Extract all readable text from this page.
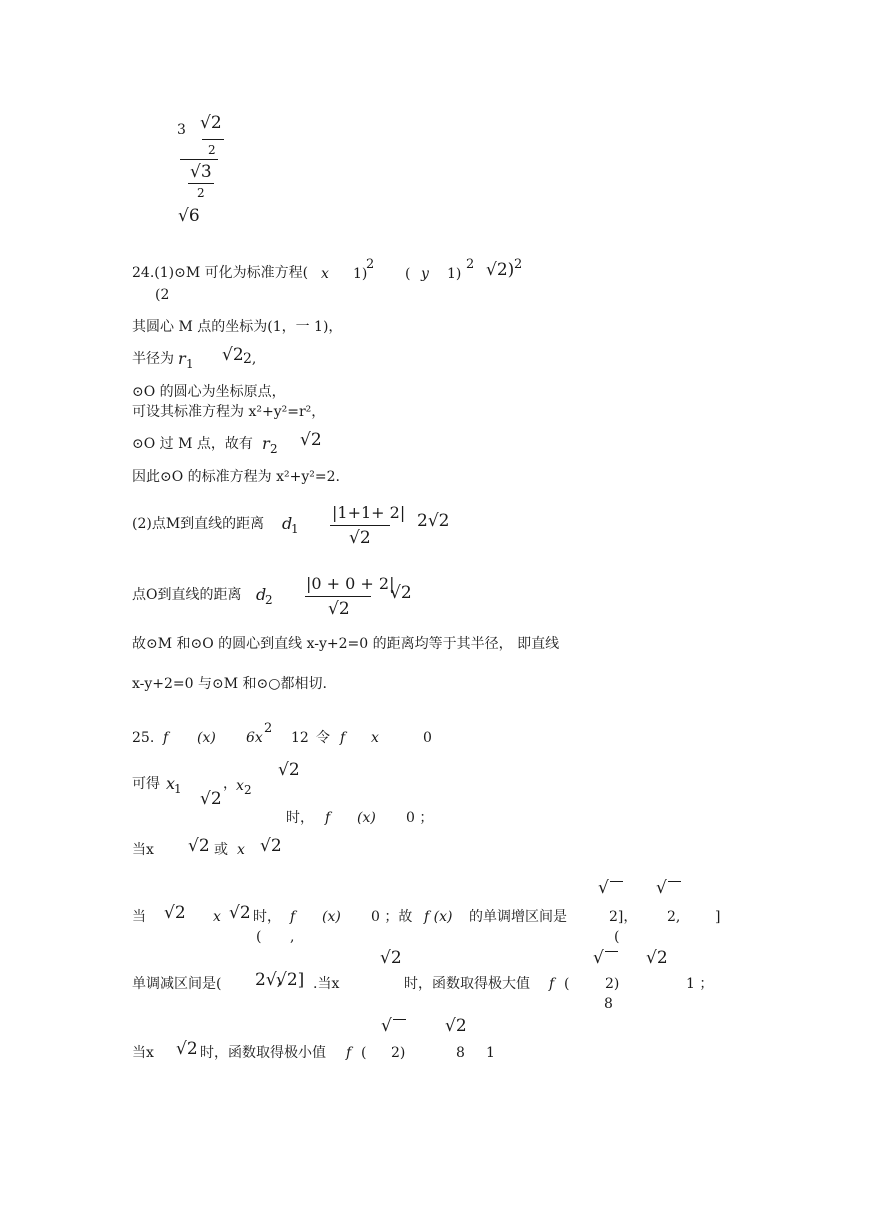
3 √2
2
√3
2
√6
24.(1)⊙M 可化为标准方程( x 1)
2
( y 1)
2 √2) 2
(2
其圆心 M 点的坐标为(1，一 1)，
半径为 r 1 √2 2,
⊙O 的圆心为坐标原点，
可设其标准方程为 x²+y²=r²，
⊙O 过 M 点，故有 r 2 √2
因此⊙O 的标准方程为 x²+y²=2.
(2)点M到直线的距离 d
1
|1+1+ 2|
√2
2√2
点O到直线的距离 d
2
|0 + 0 + 2|
√2
√2
故⊙M 和⊙O 的圆心到直线 x-y+2=0 的距离均等于其半径， 即直线
x-y+2=0 与⊙M 和⊙○都相切.
25. f (x) 6x
2
12 令 f x	0
可得 x
1 √2
， x 2
√2
时， f (x) 0 ；
当x √2 或 x √2
当 √2 x √2 时， f (x) 0 ；故 f (x) 的单调增区间是
√
2]，
√
2, ]
( ,	(
单调减区间是( 2√,
√2] .当x
√2
时，函数取得极大值 f (
√
2)
8
√2
1 ；
当x √2 时，函数取得极小值 f (
√
2)
√2
8 1
